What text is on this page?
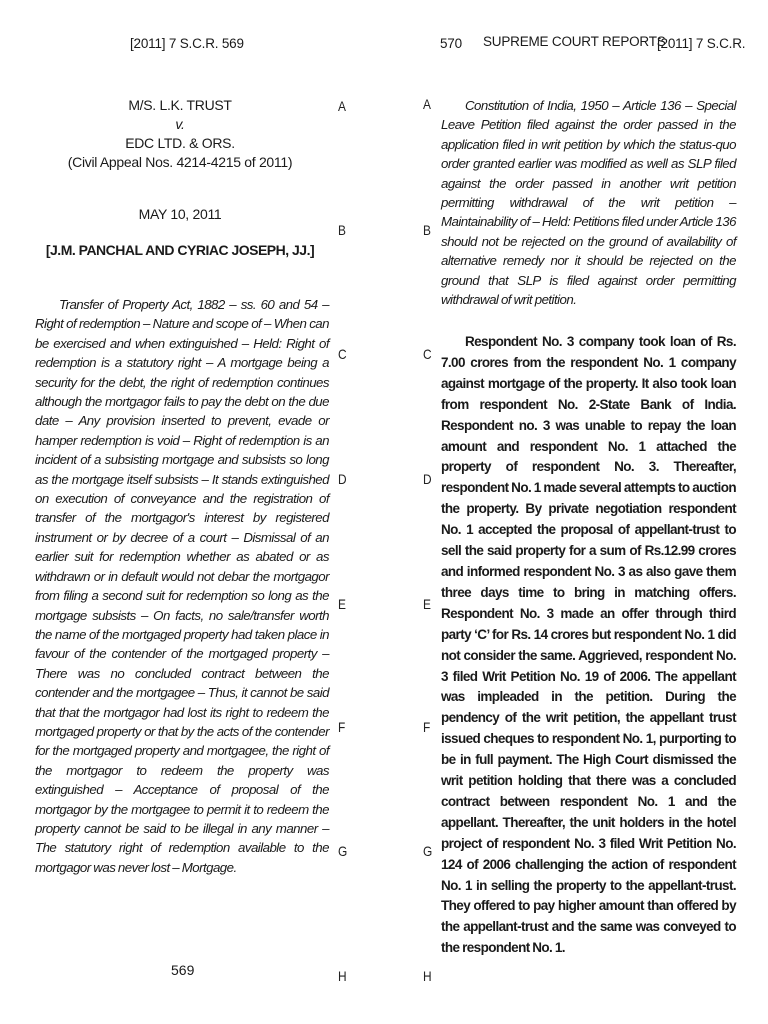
[2011] 7 S.C.R. 569
M/S. L.K. TRUST
v.
EDC LTD. & ORS.
(Civil Appeal Nos. 4214-4215 of 2011)
MAY 10, 2011
[J.M. PANCHAL AND CYRIAC JOSEPH, JJ.]

Transfer of Property Act, 1882 – ss. 60 and 54 – Right of redemption – Nature and scope of – When can be exercised and when extinguished – Held: Right of redemption is a statutory right – A mortgage being a security for the debt, the right of redemption continues although the mortgagor fails to pay the debt on the due date – Any provision inserted to prevent, evade or hamper redemption is void – Right of redemption is an incident of a subsisting mortgage and subsists so long as the mortgage itself subsists – It stands extinguished on execution of conveyance and the registration of transfer of the mortgagor's interest by registered instrument or by decree of a court – Dismissal of an earlier suit for redemption whether as abated or as withdrawn or in default would not debar the mortgagor from filing a second suit for redemption so long as the mortgage subsists – On facts, no sale/transfer worth the name of the mortgaged property had taken place in favour of the contender of the mortgaged property – There was no concluded contract between the contender and the mortgagee – Thus, it cannot be said that that the mortgagor had lost its right to redeem the mortgaged property or that by the acts of the contender for the mortgaged property and mortgagee, the right of the mortgagor to redeem the property was extinguished – Acceptance of proposal of the mortgagor by the mortgagee to permit it to redeem the property cannot be said to be illegal in any manner – The statutory right of redemption available to the mortgagor was never lost – Mortgage.

569
A
B
C
D
E
F
G
H
570 SUPREME COURT REPORTS
[2011] 7 S.C.R.

Constitution of India, 1950 – Article 136 – Special Leave Petition filed against the order passed in the application filed in writ petition by which the status-quo order granted earlier was modified as well as SLP filed against the order passed in another writ petition permitting withdrawal of the writ petition – Maintainability of – Held: Petitions filed under Article 136 should not be rejected on the ground of availability of alternative remedy nor it should be rejected on the ground that SLP is filed against order permitting withdrawal of writ petition.

Respondent No. 3 company took loan of Rs. 7.00 crores from the respondent No. 1 company against mortgage of the property. It also took loan from respondent No. 2-State Bank of India. Respondent no. 3 was unable to repay the loan amount and respondent No. 1 attached the property of respondent No. 3. Thereafter, respondent No. 1 made several attempts to auction the property. By private negotiation respondent No. 1 accepted the proposal of appellant-trust to sell the said property for a sum of Rs.12.99 crores and informed respondent No. 3 as also gave them three days time to bring in matching offers. Respondent No. 3 made an offer through third party ‘C’ for Rs. 14 crores but respondent No. 1 did not consider the same. Aggrieved, respondent No. 3 filed Writ Petition No. 19 of 2006. The appellant was impleaded in the petition. During the pendency of the writ petition, the appellant trust issued cheques to respondent No. 1, purporting to be in full payment. The High Court dismissed the writ petition holding that there was a concluded contract between respondent No. 1 and the appellant. Thereafter, the unit holders in the hotel project of respondent No. 3 filed Writ Petition No. 124 of 2006 challenging the action of respondent No. 1 in selling the property to the appellant-trust. They offered to pay higher amount than offered by the appellant-trust and the same was conveyed to the respondent No. 1.

A
B
C
D
E
F
G
H
